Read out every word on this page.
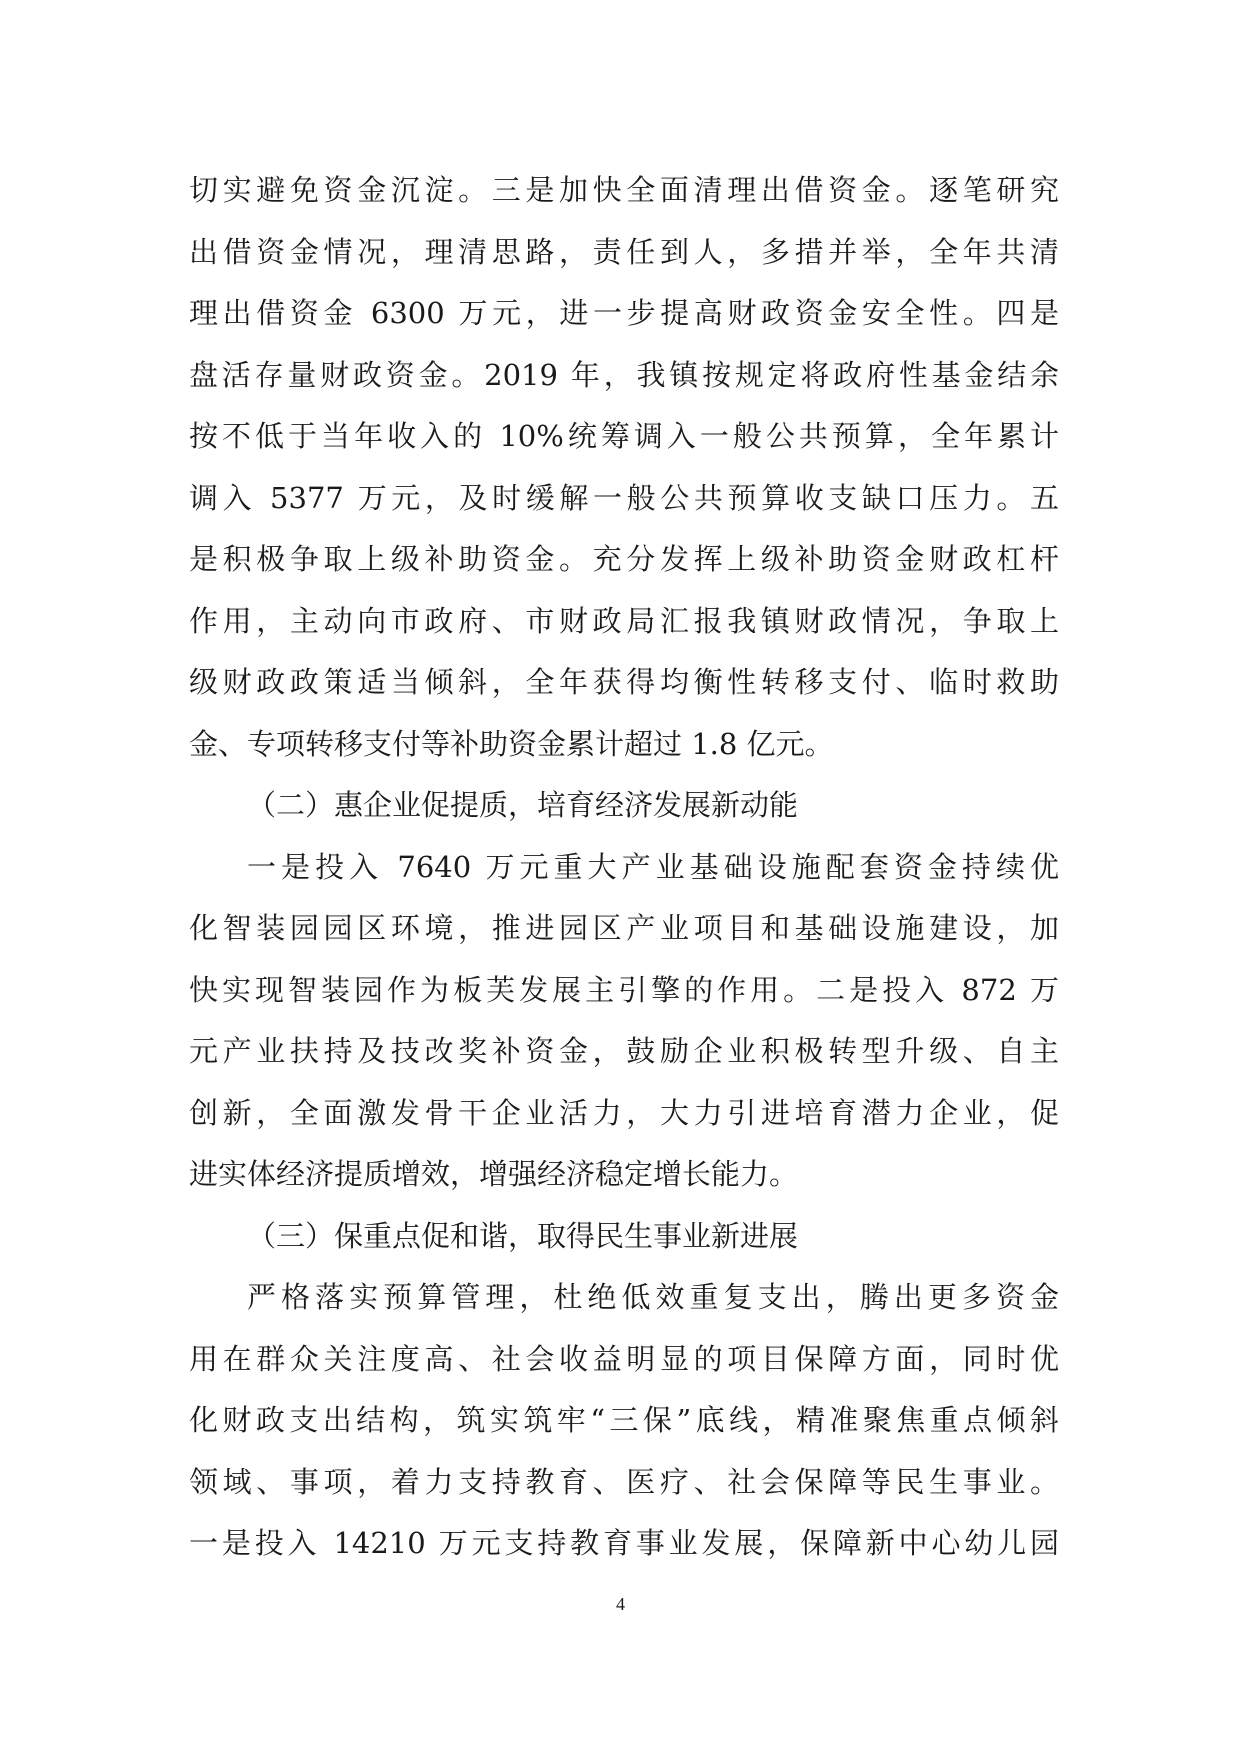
切实避免资金沉淀。三是加快全面清理出借资金。逐笔研究
出借资金情况，理清思路，责任到人，多措并举，全年共清
理出借资金 6300 万元，进一步提高财政资金安全性。四是
盘活存量财政资金。2019 年，我镇按规定将政府性基金结余
按不低于当年收入的 10%统筹调入一般公共预算，全年累计
调入 5377 万元，及时缓解一般公共预算收支缺口压力。五
是积极争取上级补助资金。充分发挥上级补助资金财政杠杆
作用，主动向市政府、市财政局汇报我镇财政情况，争取上
级财政政策适当倾斜，全年获得均衡性转移支付、临时救助
金、专项转移支付等补助资金累计超过 1.8 亿元。
（二）惠企业促提质，培育经济发展新动能
一是投入 7640 万元重大产业基础设施配套资金持续优
化智装园园区环境，推进园区产业项目和基础设施建设，加
快实现智装园作为板芙发展主引擎的作用。二是投入 872 万
元产业扶持及技改奖补资金，鼓励企业积极转型升级、自主
创新，全面激发骨干企业活力，大力引进培育潜力企业，促
进实体经济提质增效，增强经济稳定增长能力。
（三）保重点促和谐，取得民生事业新进展
严格落实预算管理，杜绝低效重复支出，腾出更多资金
用在群众关注度高、社会收益明显的项目保障方面，同时优
化财政支出结构，筑实筑牢“三保”底线，精准聚焦重点倾斜
领域、事项，着力支持教育、医疗、社会保障等民生事业。
一是投入 14210 万元支持教育事业发展，保障新中心幼儿园
4
